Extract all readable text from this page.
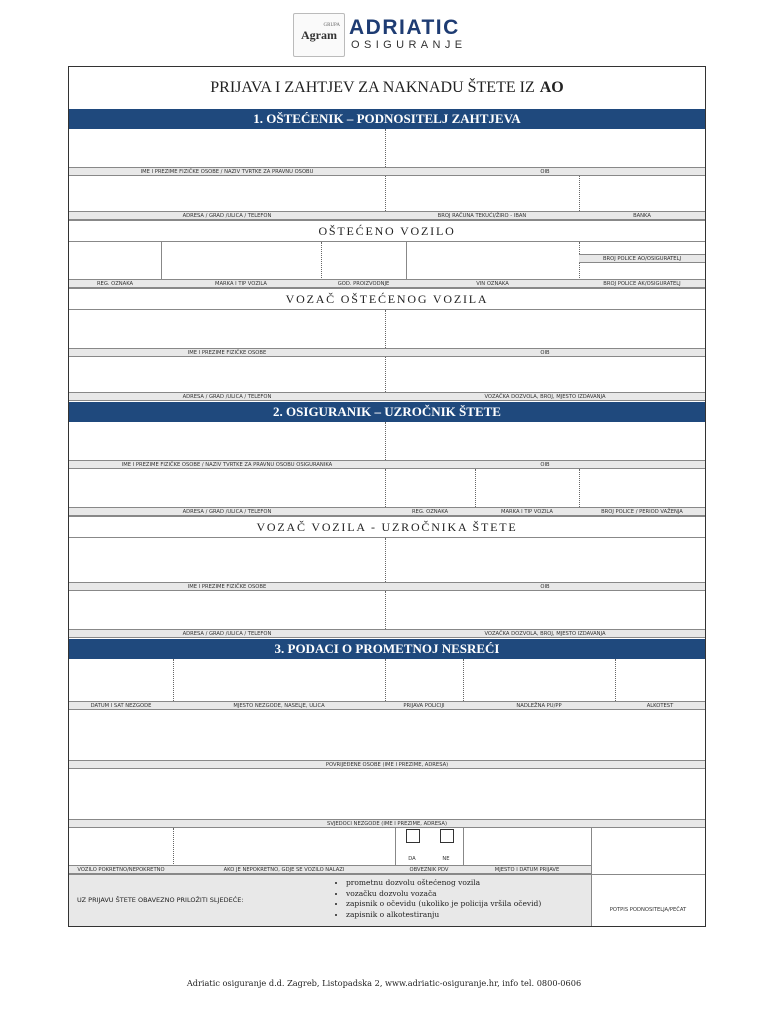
GRUPA
Agram ADRIATIC
OSIGURANJE
PRIJAVA I ZAHTJEV ZA NAKNADU ŠTETE IZ AO
1. OŠTEĆENIK – PODNOSITELJ ZAHTJEVA
IME I PREZIME FIZIČKE OSOBE / NAZIV TVRTKE ZA PRAVNU OSOBU	OIB
ADRESA / GRAD /ULICA / TELEFON	BROJ RAČUNA TEKUĆI/ŽIRO - IBAN	BANKA
OŠTEĆENO VOZILO
BROJ POLICE AO/OSIGURATELJ
REG. OZNAKA	MARKA I TIP VOZILA	GOD. PROIZVODNJE	VIN OZNAKA	BROJ POLICE AK/OSIGURATELJ
VOZAČ OŠTEĆENOG VOZILA
IME I PREZIME FIZIČKE OSOBE	OIB
ADRESA / GRAD /ULICA / TELEFON	VOZAČKA DOZVOLA, BROJ, MJESTO IZDAVANJA
2. OSIGURANIK – UZROČNIK ŠTETE
IME I PREZIME FIZIČKE OSOBE / NAZIV TVRTKE ZA PRAVNU OSOBU OSIGURANIKA	OIB
ADRESA / GRAD /ULICA / TELEFON	REG. OZNAKA	MARKA I TIP VOZILA	BROJ POLICE / PERIOD VAŽENJA
VOZAČ VOZILA - UZROČNIKA ŠTETE
IME I PREZIME FIZIČKE OSOBE	OIB
ADRESA / GRAD /ULICA / TELEFON	VOZAČKA DOZVOLA, BROJ, MJESTO IZDAVANJA
3. PODACI O PROMETNOJ NESREĆI
DATUM I SAT NEZGODE	MJESTO NEZGODE, NASELJE, ULICA	PRIJAVA POLICIJI	NADLEŽNA PU/PP	ALKOTEST
POVRIJEĐENE OSOBE (IME I PREZIME, ADRESA)
SVJEDOCI NEZGODE (IME I PREZIME, ADRESA)
DA	NE
VOZILO POKRETNO/NEPOKRETNO	AKO JE NEPOKRETNO, GDJE SE VOZILO NALAZI	OBVEZNIK PDV	MJESTO I DATUM PRIJAVE
UZ PRIJAVU ŠTETE OBAVEZNO PRILOŽITI SLJEDEĆE:
• prometnu dozvolu oštećenog vozila
• vozačku dozvolu vozača
• zapisnik o očevidu (ukoliko je policija vršila očevid)
• zapisnik o alkotestiranju	POTPIS PODNOSITELJA/PEČAT
Adriatic osiguranje d.d. Zagreb, Listopadska 2, www.adriatic-osiguranje.hr, info tel. 0800-0606
